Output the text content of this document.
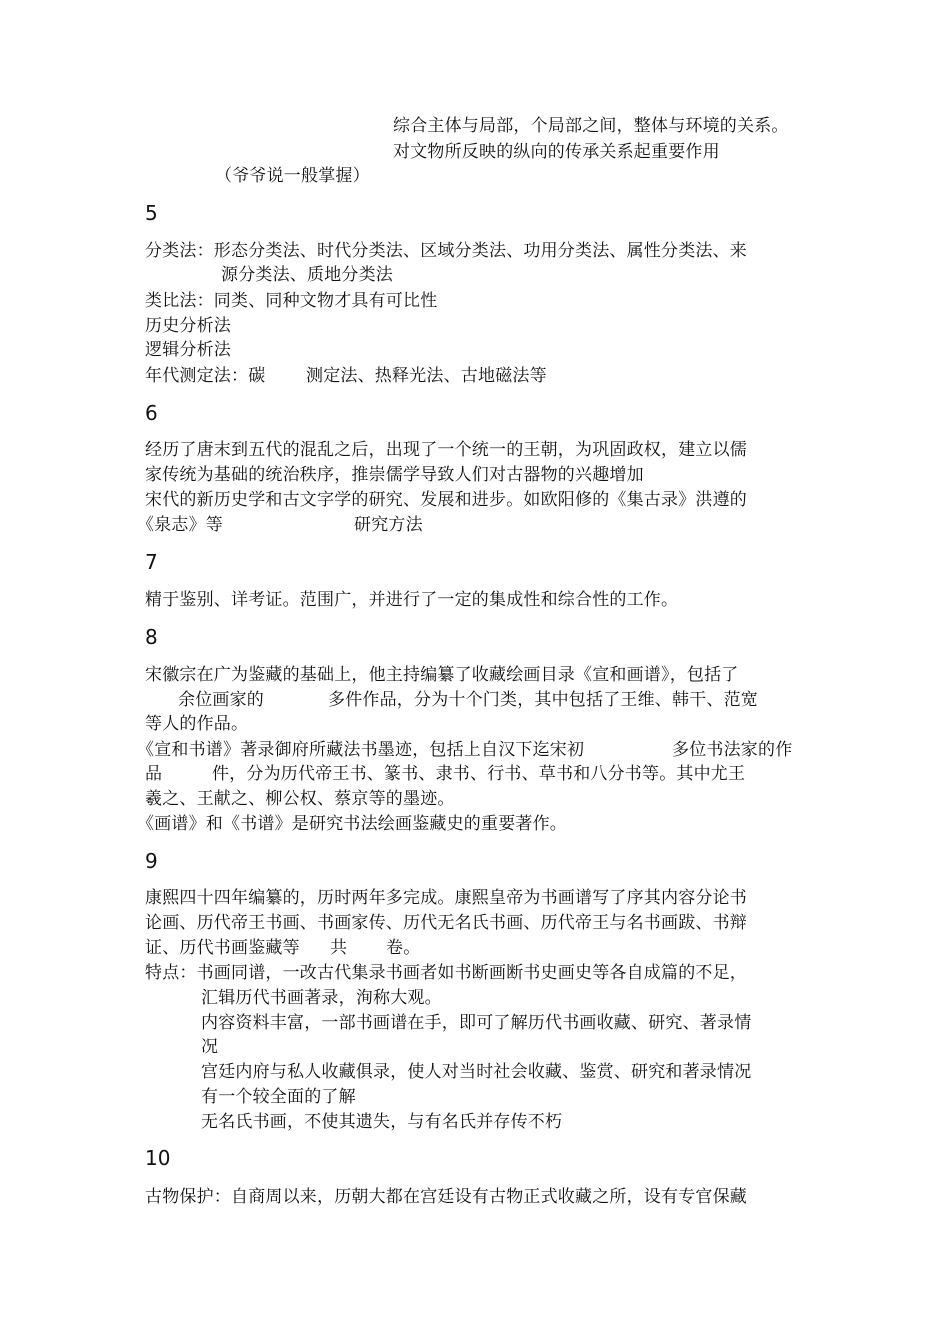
综合主体与局部，个局部之间，整体与环境的关系。
对文物所反映的纵向的传承关系起重要作用
（爷爷说一般掌握）
5
分类法：形态分类法、时代分类法、区域分类法、功用分类法、属性分类法、来
源分类法、质地分类法
类比法：同类、同种文物才具有可比性
历史分析法
逻辑分析法
年代测定法：碳 测定法、热释光法、古地磁法等
6
经历了唐末到五代的混乱之后，出现了一个统一的王朝，为巩固政权，建立以儒
家传统为基础的统治秩序，推崇儒学导致人们对古器物的兴趣增加
宋代的新历史学和古文字学的研究、发展和进步。如欧阳修的《集古录》洪遵的
《泉志》等	研究方法
7
精于鉴别、详考证。范围广，并进行了一定的集成性和综合性的工作。
8
宋徽宗在广为鉴藏的基础上，他主持编纂了收藏绘画目录《宣和画谱》，包括了
余位画家的	多件作品，分为十个门类，其中包括了王维、韩干、范宽
等人的作品。
《宣和书谱》著录御府所藏法书墨迹，包括上自汉下迄宋初	多位书法家的作
品	件，分为历代帝王书、篆书、隶书、行书、草书和八分书等。其中尤王
羲之、王献之、柳公权、蔡京等的墨迹。
《画谱》和《书谱》是研究书法绘画鉴藏史的重要著作。
9
康熙四十四年编纂的，历时两年多完成。康熙皇帝为书画谱写了序其内容分论书
论画、历代帝王书画、书画家传、历代无名氏书画、历代帝王与名书画跋、书辩
证、历代书画鉴藏等 共 卷。
特点：书画同谱，一改古代集录书画者如书断画断书史画史等各自成篇的不足，
汇辑历代书画著录，洵称大观。
内容资料丰富，一部书画谱在手，即可了解历代书画收藏、研究、著录情
况
宫廷内府与私人收藏俱录，使人对当时社会收藏、鉴赏、研究和著录情况
有一个较全面的了解
无名氏书画，不使其遗失，与有名氏并存传不朽
10
古物保护：自商周以来，历朝大都在宫廷设有古物正式收藏之所，设有专官保藏
